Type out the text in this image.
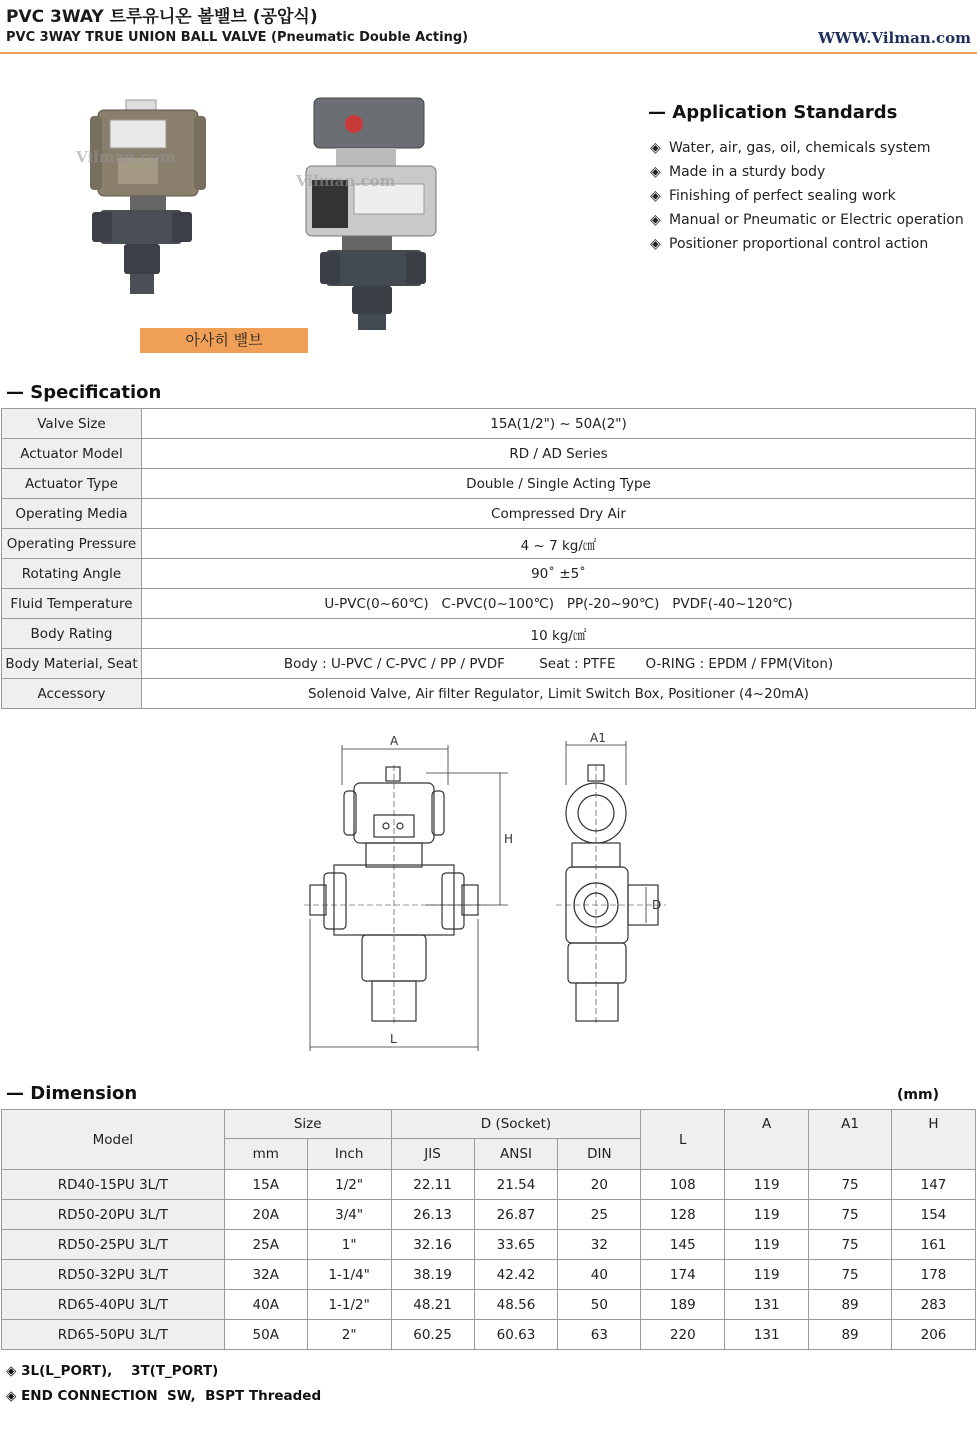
PVC 3WAY 트루유니온 볼밸브 (공압식)
PVC 3WAY TRUE UNION BALL VALVE (Pneumatic Double Acting)	WWW.Vilman.com
Vilman.com
Vilman.com
아사히 밸브
— Application Standards
◈ Water, air, gas, oil, chemicals system
◈ Made in a sturdy body
◈ Finishing of perfect sealing work
◈ Manual or Pneumatic or Electric operation
◈ Positioner proportional control action
— Specification
Valve Size	15A(1/2") ~ 50A(2")
Actuator Model	RD / AD Series
Actuator Type	Double / Single Acting Type
Operating Media	Compressed Dry Air
Operating Pressure	4 ~ 7 kg/㎠
Rotating Angle	90˚ ±5˚
Fluid Temperature	U-PVC(0~60℃)   C-PVC(0~100℃)   PP(-20~90℃)   PVDF(-40~120℃)
Body Rating	10 kg/㎠
Body Material, Seat	Body : U-PVC / C-PVC / PP / PVDF        Seat : PTFE       O-RING : EPDM / FPM(Viton)
Accessory	Solenoid Valve, Air filter Regulator, Limit Switch Box, Positioner (4~20mA)
A
H
L
A1
D
— Dimension	(mm)
Model	Size		D (Socket)			L	A	A1	H
	mm	Inch	JIS	ANSI	DIN				
RD40-15PU 3L/T	15A	1/2"	22.11	21.54	20	108	119	75	147
RD50-20PU 3L/T	20A	3/4"	26.13	26.87	25	128	119	75	154
RD50-25PU 3L/T	25A	1"	32.16	33.65	32	145	119	75	161
RD50-32PU 3L/T	32A	1-1/4"	38.19	42.42	40	174	119	75	178
RD65-40PU 3L/T	40A	1-1/2"	48.21	48.56	50	189	131	89	283
RD65-50PU 3L/T	50A	2"	60.25	60.63	63	220	131	89	206
◈ 3L(L_PORT),    3T(T_PORT)
◈ END CONNECTION  SW,  BSPT Threaded
